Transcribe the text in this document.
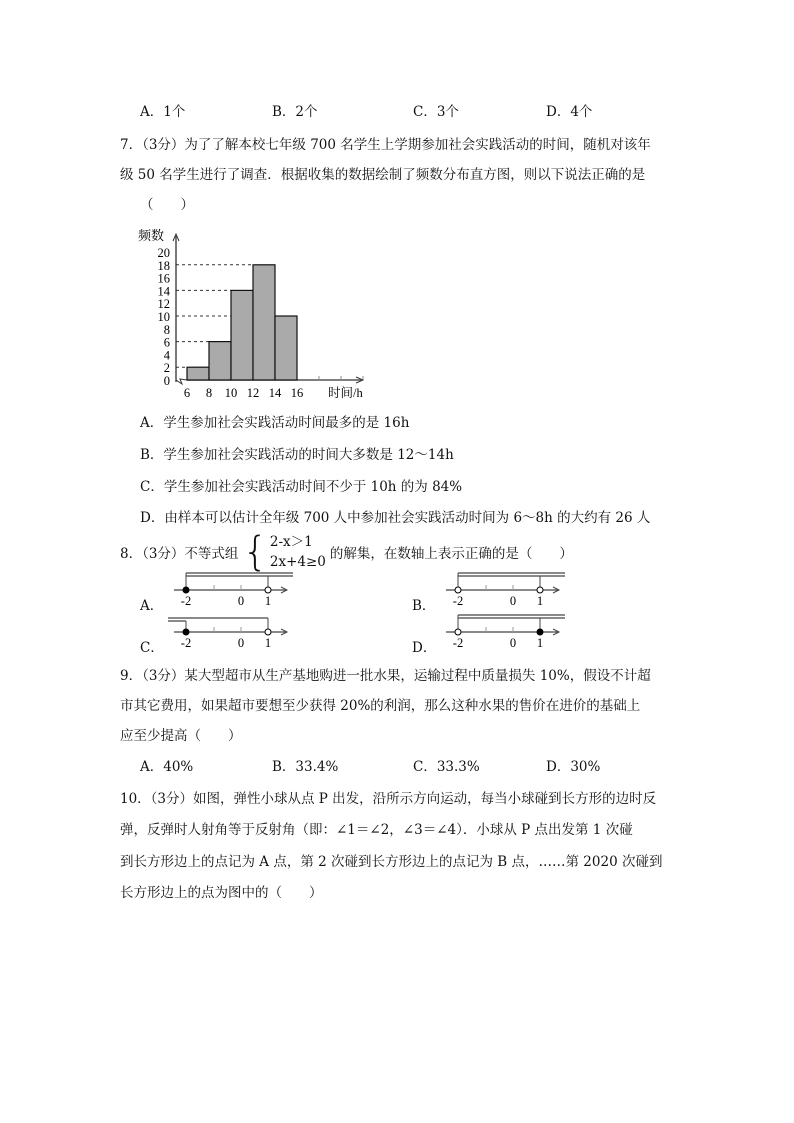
A．1个	B．2个	C．3个	D．4个
7．（3分）为了了解本校七年级 700 名学生上学期参加社会实践活动的时间，随机对该年
级 50 名学生进行了调查．根据收集的数据绘制了频数分布直方图，则以下说法正确的是
（　　）
频数
0
2
4
6
8
10
12
14
16
18
20
6 8 10 12 14 16 时间/h
A．学生参加社会实践活动时间最多的是 16h
B．学生参加社会实践活动的时间大多数是 12～14h
C．学生参加社会实践活动时间不少于 10h 的为 84%
D．由样本可以估计全年级 700 人中参加社会实践活动时间为 6～8h 的大约有 26 人
8．（3分）不等式组 { 2-x＞1
2x+4≥0 的解集，在数轴上表示正确的是（　　）
A．	B．
C．	D．
-2	0 1	-2	0 1
-2	0 1	-2	0 1
9．（3分）某大型超市从生产基地购进一批水果，运输过程中质量损失 10%，假设不计超
市其它费用，如果超市要想至少获得 20%的利润，那么这种水果的售价在进价的基础上
应至少提高（　　）
A．40%	B．33.4%	C．33.3%	D．30%
10．（3分）如图，弹性小球从点 P 出发，沿所示方向运动，每当小球碰到长方形的边时反
弹，反弹时人射角等于反射角（即：∠1＝∠2，∠3＝∠4）．小球从 P 点出发第 1 次碰
到长方形边上的点记为 A 点，第 2 次碰到长方形边上的点记为 B 点，……第 2020 次碰到
长方形边上的点为图中的（　　）
